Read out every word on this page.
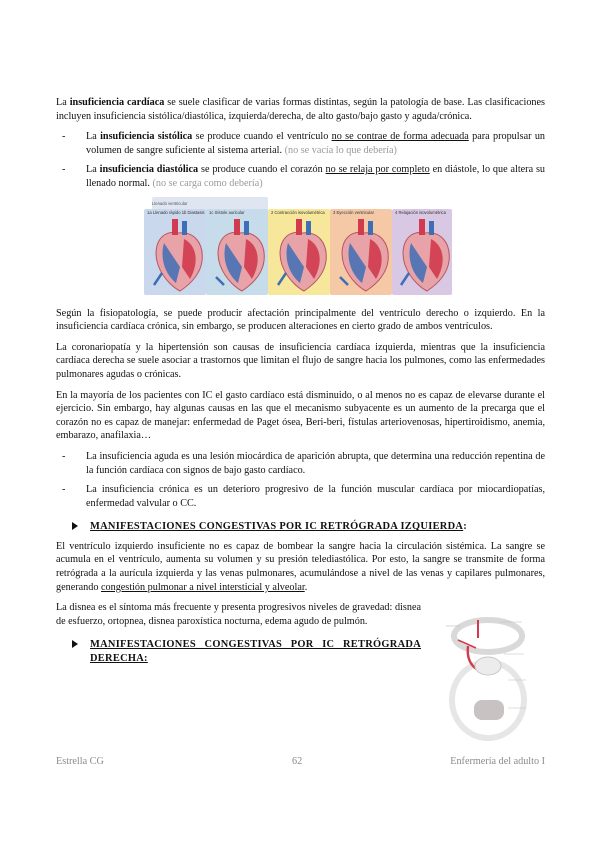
La insuficiencia cardíaca se suele clasificar de varias formas distintas, según la patología de base. Las clasificaciones incluyen insuficiencia sistólica/diastólica, izquierda/derecha, de alto gasto/bajo gasto y aguda/crónica.

- La insuficiencia sistólica se produce cuando el ventrículo no se contrae de forma adecuada para propulsar un volumen de sangre suficiente al sistema arterial. (no se vacía lo que debería)
- La insuficiencia diastólica se produce cuando el corazón no se relaja por completo en diástole, lo que altera su llenado normal. (no se carga como debería)
Llenado ventricular
1a Llenado rápido 1b Diastasis 1c Sístole auricular	2 Contracción isovolumétrica 3 Eyección ventricular	4 Relajación isovolumétrica

Según la fisiopatología, se puede producir afectación principalmente del ventrículo derecho o izquierdo. En la insuficiencia cardíaca crónica, sin embargo, se producen alteraciones en cierto grado de ambos ventrículos.

La coronariopatía y la hipertensión son causas de insuficiencia cardíaca izquierda, mientras que la insuficiencia cardíaca derecha se suele asociar a trastornos que limitan el flujo de sangre hacia los pulmones, como las enfermedades pulmonares agudas o crónicas.

En la mayoría de los pacientes con IC el gasto cardíaco está disminuido, o al menos no es capaz de elevarse durante el ejercicio. Sin embargo, hay algunas causas en las que el mecanismo subyacente es un aumento de la precarga que el corazón no es capaz de manejar: enfermedad de Paget ósea, Beri-beri, fístulas arteriovenosas, hipertiroidismo, anemia, embarazo, anafilaxia…

- La insuficiencia aguda es una lesión miocárdica de aparición abrupta, que determina una reducción repentina de la función cardíaca con signos de bajo gasto cardíaco.
- La insuficiencia crónica es un deterioro progresivo de la función muscular cardíaca por miocardiopatías, enfermedad valvular o CC.
MANIFESTACIONES CONGESTIVAS POR IC RETRÓGRADA IZQUIERDA:

El ventrículo izquierdo insuficiente no es capaz de bombear la sangre hacia la circulación sistémica. La sangre se acumula en el ventrículo, aumenta su volumen y su presión telediastólica. Por esto, la sangre se transmite de forma retrógrada a la aurícula izquierda y las venas pulmonares, acumulándose a nivel de las venas y capilares pulmonares, generando congestión pulmonar a nivel intersticial y alveolar.

La disnea es el síntoma más frecuente y presenta progresivos niveles de gravedad: disnea de esfuerzo, ortopnea, disnea paroxística nocturna, edema agudo de pulmón.

MANIFESTACIONES CONGESTIVAS POR IC RETRÓGRADA DERECHA:
Estrella CG	62	Enfermería del adulto I
